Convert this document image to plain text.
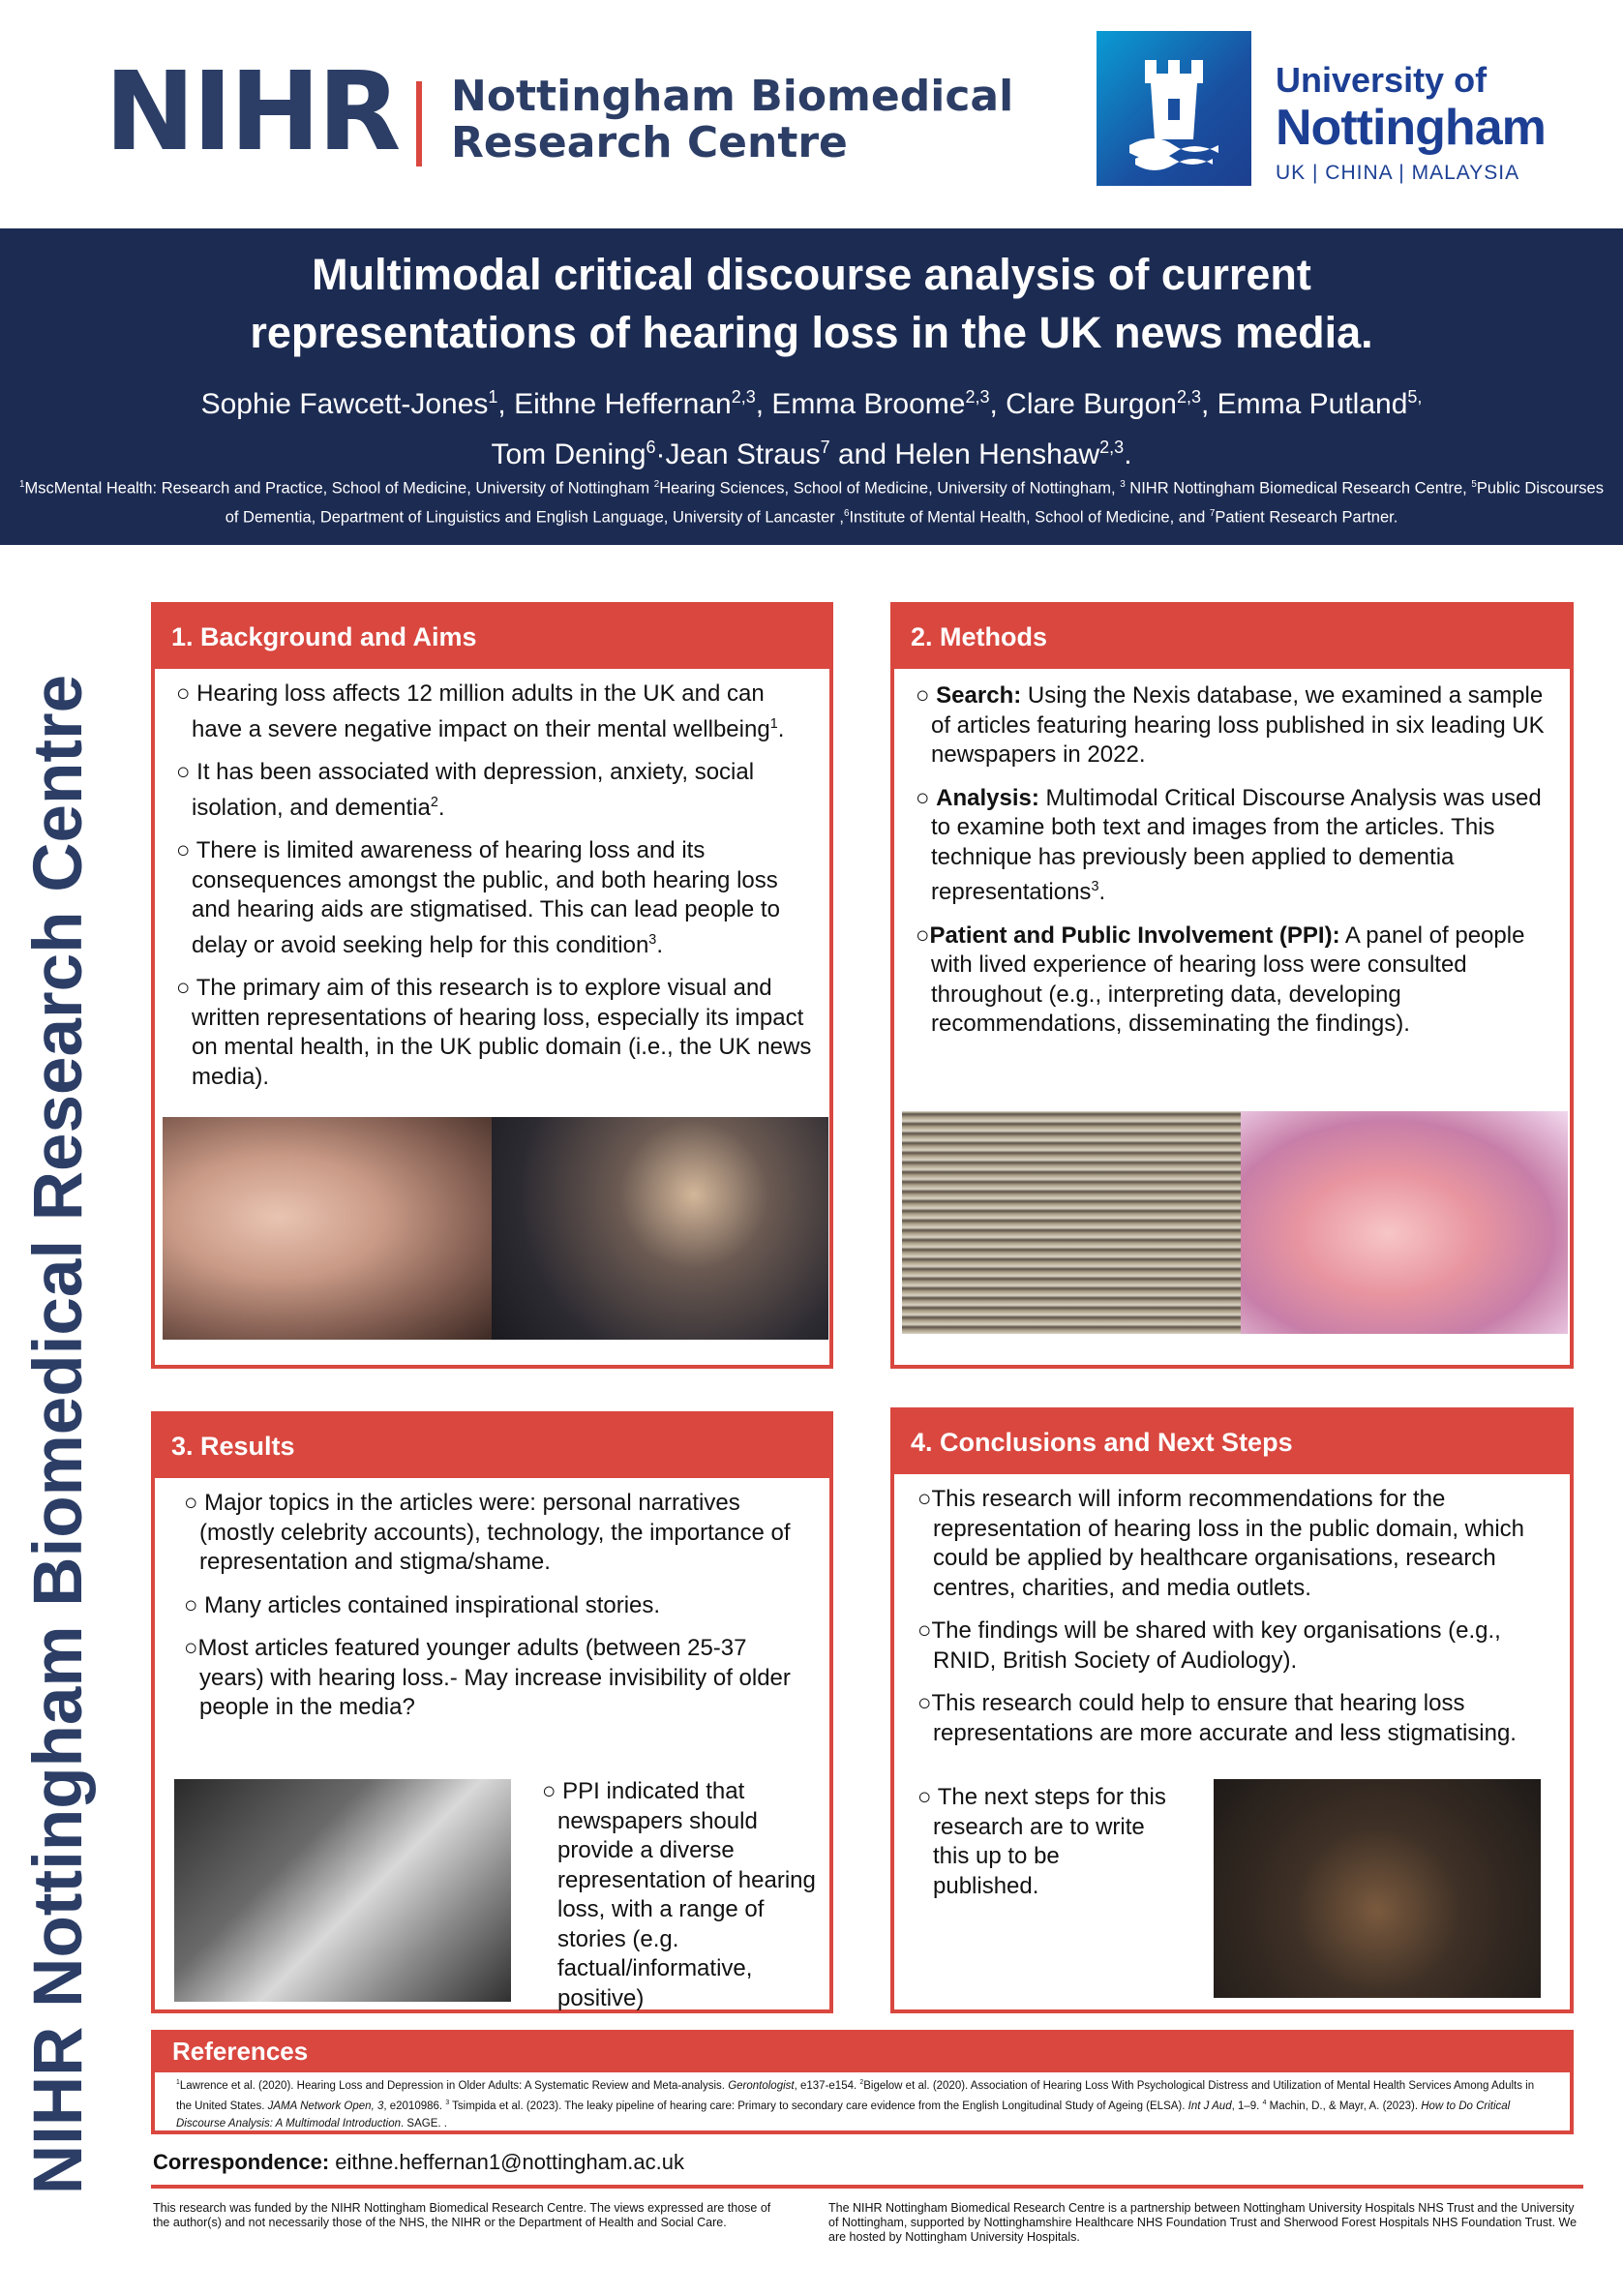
NIHR Nottingham Biomedical
Research Centre
University of
Nottingham
UK | CHINA | MALAYSIA
Multimodal critical discourse analysis of current
representations of hearing loss in the UK news media.
Sophie Fawcett-Jones$^1$, Eithne Heffernan$^{2,3}$, Emma Broome$^{2,3}$, Clare Burgon$^{2,3}$, Emma Putland$^{5,}$
Tom Dening$^6$·Jean Straus$^7$ and Helen Henshaw$^{2,3}$.
$^1$MscMental Health: Research and Practice, School of Medicine, University of Nottingham $^2$Hearing Sciences, School of Medicine, University of Nottingham, $^3$ NIHR Nottingham Biomedical Research Centre, $^5$Public Discourses of Dementia, Department of Linguistics and English Language, University of Lancaster ,$^6$Institute of Mental Health, School of Medicine, and $^7$Patient Research Partner.
NIHR Nottingham Biomedical Research Centre
1. Background and Aims

○ Hearing loss affects 12 million adults in the UK and can have a severe negative impact on their mental wellbeing$^1$.

○ It has been associated with depression, anxiety, social isolation, and dementia$^2$.

○ There is limited awareness of hearing loss and its consequences amongst the public, and both hearing loss and hearing aids are stigmatised. This can lead people to delay or avoid seeking help for this condition$^3$.

○ The primary aim of this research is to explore visual and written representations of hearing loss, especially its impact on mental health, in the UK public domain (i.e., the UK news media).

2. Methods

○ Search: Using the Nexis database, we examined a sample of articles featuring hearing loss published in six leading UK newspapers in 2022.

○ Analysis: Multimodal Critical Discourse Analysis was used to examine both text and images from the articles. This technique has previously been applied to dementia representations$^3$.

○Patient and Public Involvement (PPI): A panel of people with lived experience of hearing loss were consulted throughout (e.g., interpreting data, developing recommendations, disseminating the findings).

3. Results

○ Major topics in the articles were: personal narratives (mostly celebrity accounts), technology, the importance of representation and stigma/shame.

○ Many articles contained inspirational stories.

○Most articles featured younger adults (between 25-37 years) with hearing loss.- May increase invisibility of older people in the media?

○ PPI indicated that newspapers should provide a diverse representation of hearing loss, with a range of stories (e.g. factual/informative, positive)

4. Conclusions and Next Steps

○This research will inform recommendations for the representation of hearing loss in the public domain, which could be applied by healthcare organisations, research centres, charities, and media outlets.

○The findings will be shared with key organisations (e.g., RNID, British Society of Audiology).

○This research could help to ensure that hearing loss representations are more accurate and less stigmatising.

○ The next steps for this research are to write this up to be published.

References
$^1$Lawrence et al. (2020). Hearing Loss and Depression in Older Adults: A Systematic Review and Meta-analysis. Gerontologist, e137-e154. $^2$Bigelow et al. (2020). Association of Hearing Loss With Psychological Distress and Utilization of Mental Health Services Among Adults in the United States. JAMA Network Open, 3, e2010986. $^3$ Tsimpida et al. (2023). The leaky pipeline of hearing care: Primary to secondary care evidence from the English Longitudinal Study of Ageing (ELSA). Int J Aud, 1–9. $^4$ Machin, D., & Mayr, A. (2023). How to Do Critical Discourse Analysis: A Multimodal Introduction. SAGE. .
Correspondence: eithne.heffernan1@nottingham.ac.uk
This research was funded by the NIHR Nottingham Biomedical Research Centre. The views expressed are those of the author(s) and not necessarily those of the NHS, the NIHR or the Department of Health and Social Care.
The NIHR Nottingham Biomedical Research Centre is a partnership between Nottingham University Hospitals NHS Trust and the University of Nottingham, supported by Nottinghamshire Healthcare NHS Foundation Trust and Sherwood Forest Hospitals NHS Foundation Trust. We are hosted by Nottingham University Hospitals.
